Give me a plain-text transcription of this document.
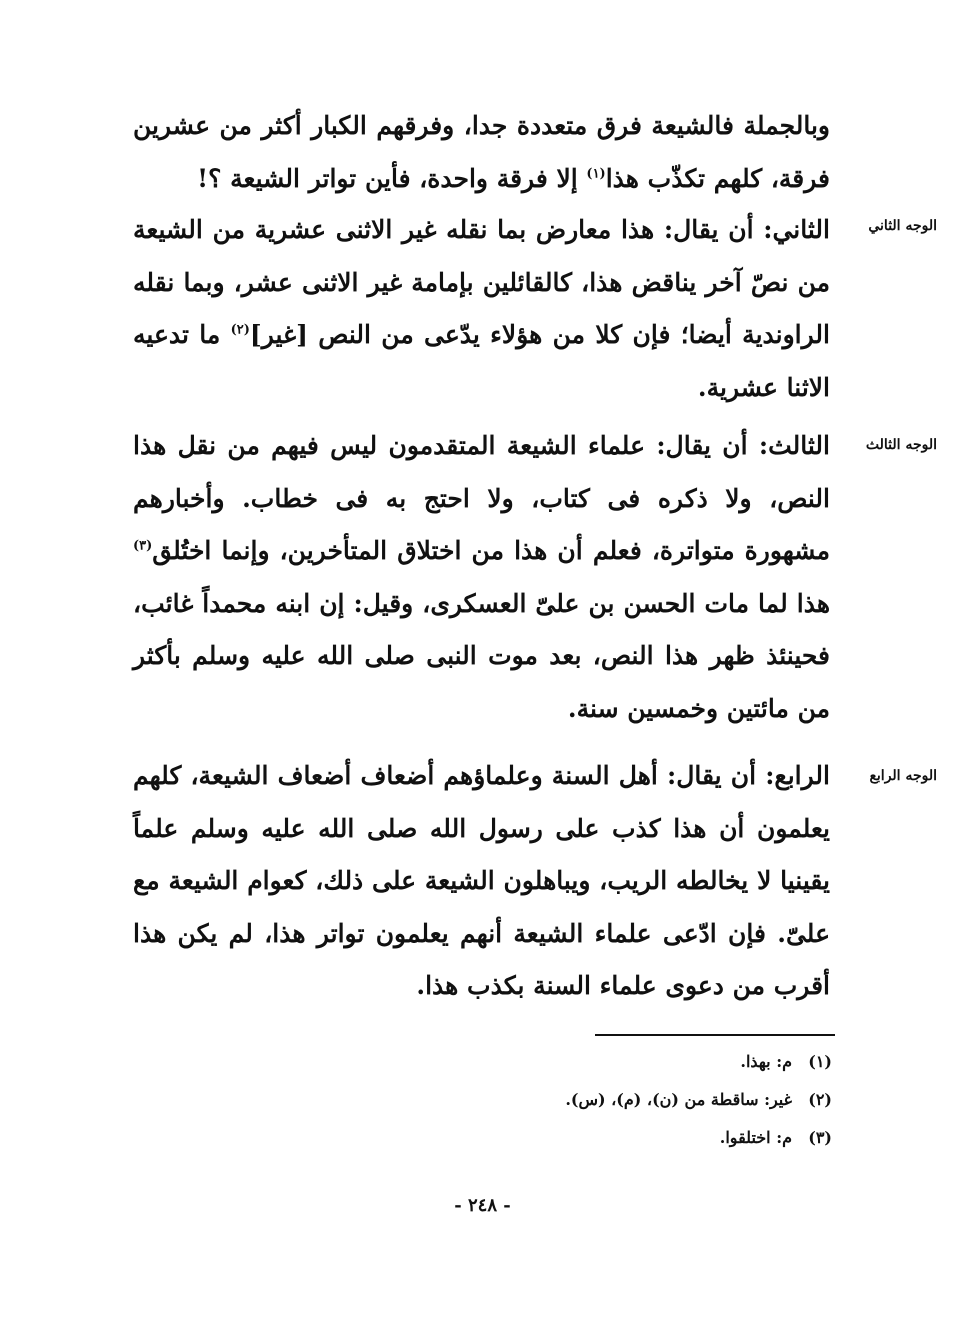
وبالجملة فالشيعة فرق متعددة جدا، وفرقهم الكبار أكثر من عشرين فرقة، كلهم تكذّب هذا$^{(١)}$ إلا فرقة واحدة، فأين تواتر الشيعة ؟!

الثاني: أن يقال: هذا معارض بما نقله غير الاثنى عشرية من الشيعة من نصّ آخر يناقض هذا، كالقائلين بإمامة غير الاثنى عشر، وبما نقله الراوندية أيضا؛ فإن كلا من هؤلاء يدّعى من النص [غير]$^{(٢)}$ ما تدعيه الاثنا عشرية.

الثالث: أن يقال: علماء الشيعة المتقدمون ليس فيهم من نقل هذا النص، ولا ذكره فى كتاب، ولا احتج به فى خطاب. وأخبارهم مشهورة متواترة، فعلم أن هذا من اختلاق المتأخرين، وإنما اختُلق$^{(٣)}$ هذا لما مات الحسن بن علىّ العسكرى، وقيل: إن ابنه محمداً غائب، فحينئذ ظهر هذا النص، بعد موت النبى صلى الله عليه وسلم بأكثر من مائتين وخمسين سنة.

الرابع: أن يقال: أهل السنة وعلماؤهم أضعاف أضعاف الشيعة، كلهم يعلمون أن هذا كذب على رسول الله صلى الله عليه وسلم علماً يقينيا لا يخالطه الريب، ويباهلون الشيعة على ذلك، كعوام الشيعة مع علىّ. فإن ادّعى علماء الشيعة أنهم يعلمون تواتر هذا، لم يكن هذا أقرب من دعوى علماء السنة بكذب هذا.

الوجه الثاني
الوجه الثالث
الوجه الرابع
(١)م: بهذا.
(٢)غير: ساقطة من (ن)، (م)، (س).
(٣)م: اختلقوا.
- ٢٤٨ -
